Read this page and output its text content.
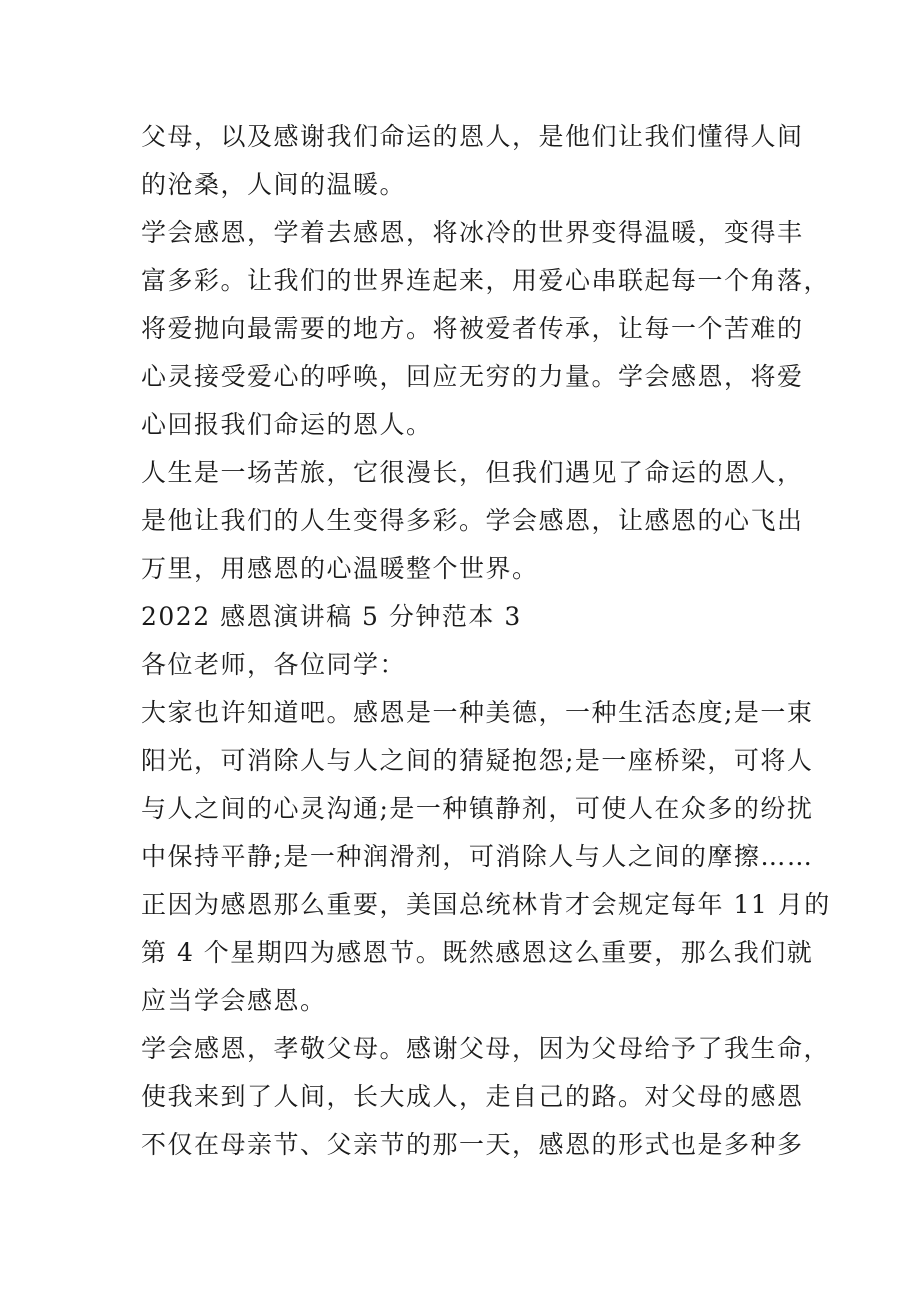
父母，以及感谢我们命运的恩人，是他们让我们懂得人间
的沧桑，人间的温暖。
学会感恩，学着去感恩，将冰冷的世界变得温暖，变得丰
富多彩。让我们的世界连起来，用爱心串联起每一个角落，
将爱抛向最需要的地方。将被爱者传承，让每一个苦难的
心灵接受爱心的呼唤，回应无穷的力量。学会感恩，将爱
心回报我们命运的恩人。
人生是一场苦旅，它很漫长，但我们遇见了命运的恩人，
是他让我们的人生变得多彩。学会感恩，让感恩的心飞出
万里，用感恩的心温暖整个世界。
2022 感恩演讲稿 5 分钟范本 3
各位老师，各位同学：
大家也许知道吧。感恩是一种美德，一种生活态度;是一束
阳光，可消除人与人之间的猜疑抱怨;是一座桥梁，可将人
与人之间的心灵沟通;是一种镇静剂，可使人在众多的纷扰
中保持平静;是一种润滑剂，可消除人与人之间的摩擦……
正因为感恩那么重要，美国总统林肯才会规定每年 11 月的
第 4 个星期四为感恩节。既然感恩这么重要，那么我们就
应当学会感恩。
学会感恩，孝敬父母。感谢父母，因为父母给予了我生命，
使我来到了人间，长大成人，走自己的路。对父母的感恩
不仅在母亲节、父亲节的那一天，感恩的形式也是多种多
